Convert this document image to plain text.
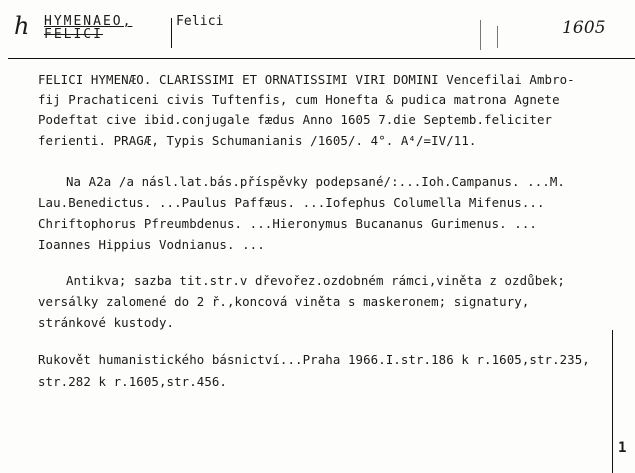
h HYMENAEO,
FELICI
Felici	1605
FELICI HYMENÆO. CLARISSIMI ET ORNATISSIMI VIRI DOMINI Vencefilai Ambro-
fij Prachaticeni civis Tuftenfis, cum Honefta & pudica matrona Agnete
Podeftat cive ibid.conjugale fædus Anno 1605 7.die Septemb.feliciter
ferienti. PRAGÆ, Typis Schumanianis /1605/. 4°. A⁴/=IV/11.
Na A2a /a násl.lat.bás.příspěvky podepsané/:...Ioh.Campanus. ...M.
Lau.Benedictus. ...Paulus Paffæus. ...Iofephus Columella Mifenus...
Chriftophorus Pfreumbdenus. ...Hieronymus Bucananus Gurimenus. ...
Ioannes Hippius Vodnianus. ...
Antikva; sazba tit.str.v dřevořez.ozdobném rámci,viněta z ozdůbek;
versálky zalomené do 2 ř.,koncová viněta s maskeronem; signatury,
stránkové kustody.
Rukovět humanistického básnictví...Praha 1966.I.str.186 k r.1605,str.235,
str.282 k r.1605,str.456.
1
